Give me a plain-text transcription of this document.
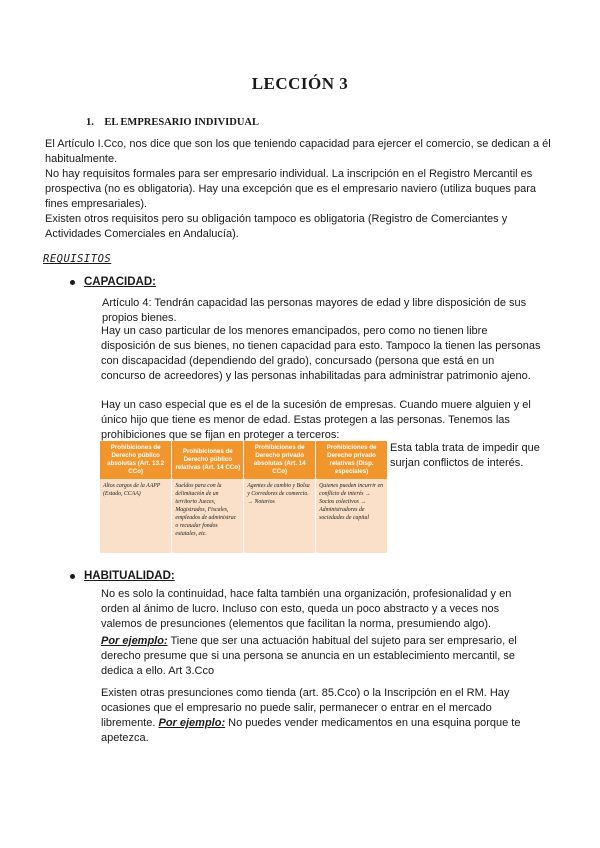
LECCIÓN 3
1.    EL EMPRESARIO INDIVIDUAL
El Artículo I.Cco, nos dice que son los que teniendo capacidad para ejercer el comercio, se dedican a él habitualmente.
No hay requisitos formales para ser empresario individual. La inscripción en el Registro Mercantil es prospectiva (no es obligatoria). Hay una excepción que es el empresario naviero (utiliza buques para fines empresariales).
Existen otros requisitos pero su obligación tampoco es obligatoria (Registro de Comerciantes y Actividades Comerciales en Andalucía).
REQUISITOS
CAPACIDAD:
Artículo 4: Tendrán capacidad las personas mayores de edad y libre disposición de sus propios bienes.
Hay un caso particular de los menores emancipados, pero como no tienen libre disposición de sus bienes, no tienen capacidad para esto. Tampoco la tienen las personas con discapacidad (dependiendo del grado), concursado (persona que está en un concurso de acreedores) y las personas inhabilitadas para administrar patrimonio ajeno.
Hay un caso especial que es el de la sucesión de empresas. Cuando muere alguien y el único hijo que tiene es menor de edad. Estas protegen a las personas. Tenemos las prohibiciones que se fijan en proteger a terceros:
Prohibiciones de Derecho público absolutas (Art. 13.2 CCo)	Prohibiciones de Derecho público relativas (Art. 14 CCo)	Prohibiciones de Derecho privado absolutas (Art. 14 CCo)	Prohibiciones de Derecho privado relativas (Disp. especiales)
Altos cargos de la AAPP (Estado, CCAA)	Sueldos para con la delimitación de un territorio Jueces, Magistrados, Fiscales, empleados de administrac o recaudar fondos estatales, etc.	Agentes de cambio y Bolsa y Corredores de comercio. → Notarios	Quienes pueden incurrir en conflicto de interés → Socios colectivos → Administradores de sociedades de capital
Esta tabla trata de impedir que surjan conflictos de interés.
HABITUALIDAD:
No es solo la continuidad, hace falta también una organización, profesionalidad y en orden al ánimo de lucro. Incluso con esto, queda un poco abstracto y a veces nos valemos de presunciones (elementos que facilitan la norma, presumiendo algo).
Por ejemplo: Tiene que ser una actuación habitual del sujeto para ser empresario, el derecho presume que si una persona se anuncia en un establecimiento mercantil, se dedica a ello. Art 3.Cco
Existen otras presunciones como tienda (art. 85.Cco) o la Inscripción en el RM. Hay ocasiones que el empresario no puede salir, permanecer o entrar en el mercado libremente. Por ejemplo: No puedes vender medicamentos en una esquina porque te apetezca.
